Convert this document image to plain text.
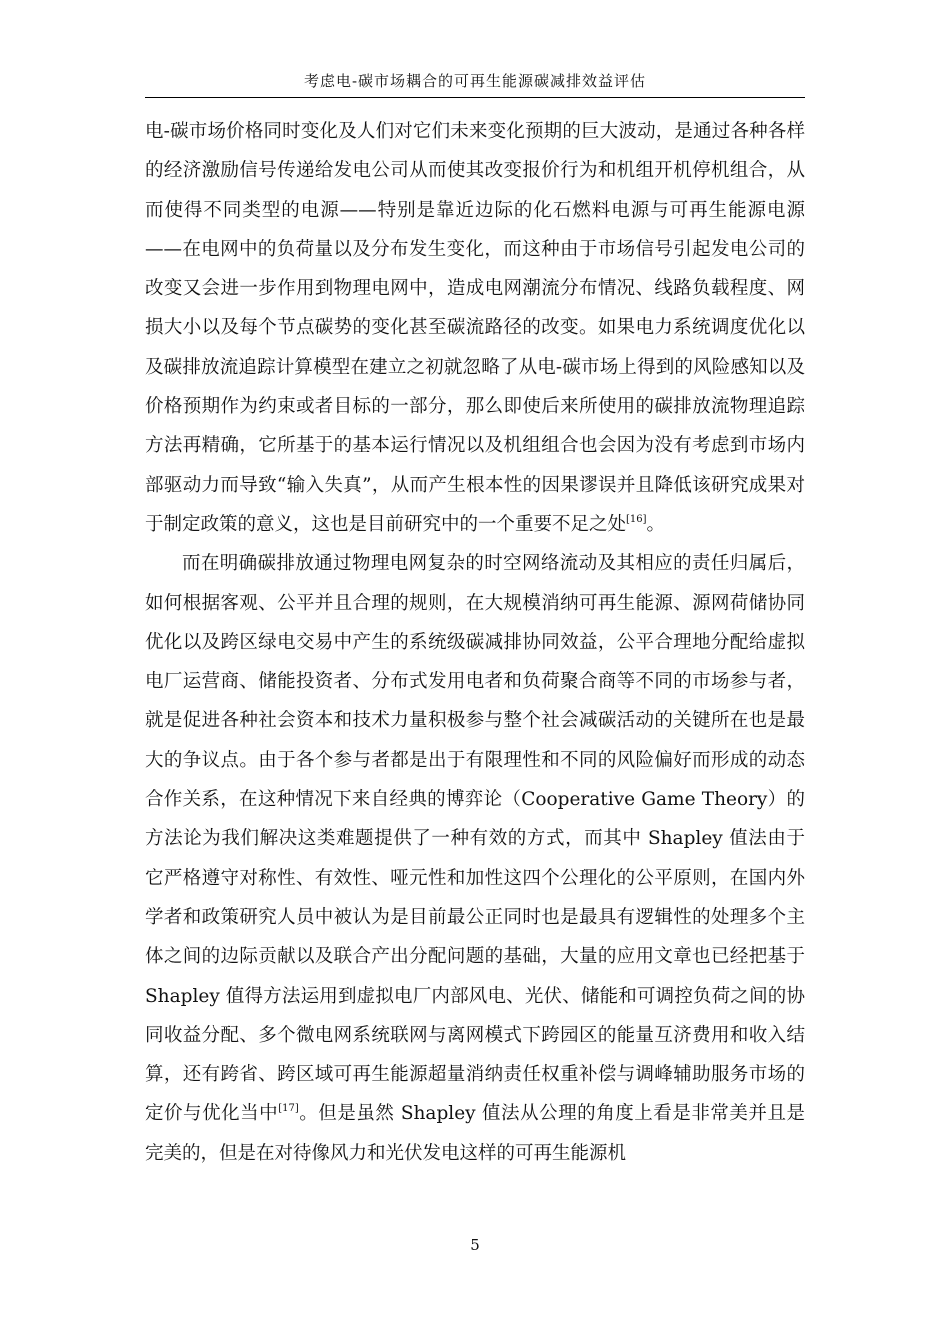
考虑电-碳市场耦合的可再生能源碳减排效益评估

电-碳市场价格同时变化及人们对它们未来变化预期的巨大波动，是通过各种各样的经济激励信号传递给发电公司从而使其改变报价行为和机组开机停机组合，从而使得不同类型的电源——特别是靠近边际的化石燃料电源与可再生能源电源——在电网中的负荷量以及分布发生变化，而这种由于市场信号引起发电公司的改变又会进一步作用到物理电网中，造成电网潮流分布情况、线路负载程度、网损大小以及每个节点碳势的变化甚至碳流路径的改变。如果电力系统调度优化以及碳排放流追踪计算模型在建立之初就忽略了从电-碳市场上得到的风险感知以及价格预期作为约束或者目标的一部分，那么即使后来所使用的碳排放流物理追踪方法再精确，它所基于的基本运行情况以及机组组合也会因为没有考虑到市场内部驱动力而导致“输入失真”，从而产生根本性的因果谬误并且降低该研究成果对于制定政策的意义，这也是目前研究中的一个重要不足之处[16]。

而在明确碳排放通过物理电网复杂的时空网络流动及其相应的责任归属后，如何根据客观、公平并且合理的规则，在大规模消纳可再生能源、源网荷储协同优化以及跨区绿电交易中产生的系统级碳减排协同效益，公平合理地分配给虚拟电厂运营商、储能投资者、分布式发用电者和负荷聚合商等不同的市场参与者，就是促进各种社会资本和技术力量积极参与整个社会减碳活动的关键所在也是最大的争议点。由于各个参与者都是出于有限理性和不同的风险偏好而形成的动态合作关系，在这种情况下来自经典的博弈论（Cooperative Game Theory）的方法论为我们解决这类难题提供了一种有效的方式，而其中 Shapley 值法由于它严格遵守对称性、有效性、哑元性和加性这四个公理化的公平原则，在国内外学者和政策研究人员中被认为是目前最公正同时也是最具有逻辑性的处理多个主体之间的边际贡献以及联合产出分配问题的基础，大量的应用文章也已经把基于 Shapley 值得方法运用到虚拟电厂内部风电、光伏、储能和可调控负荷之间的协同收益分配、多个微电网系统联网与离网模式下跨园区的能量互济费用和收入结算，还有跨省、跨区域可再生能源超量消纳责任权重补偿与调峰辅助服务市场的定价与优化当中[17]。但是虽然 Shapley 值法从公理的角度上看是非常美并且是完美的，但是在对待像风力和光伏发电这样的可再生能源机

5
